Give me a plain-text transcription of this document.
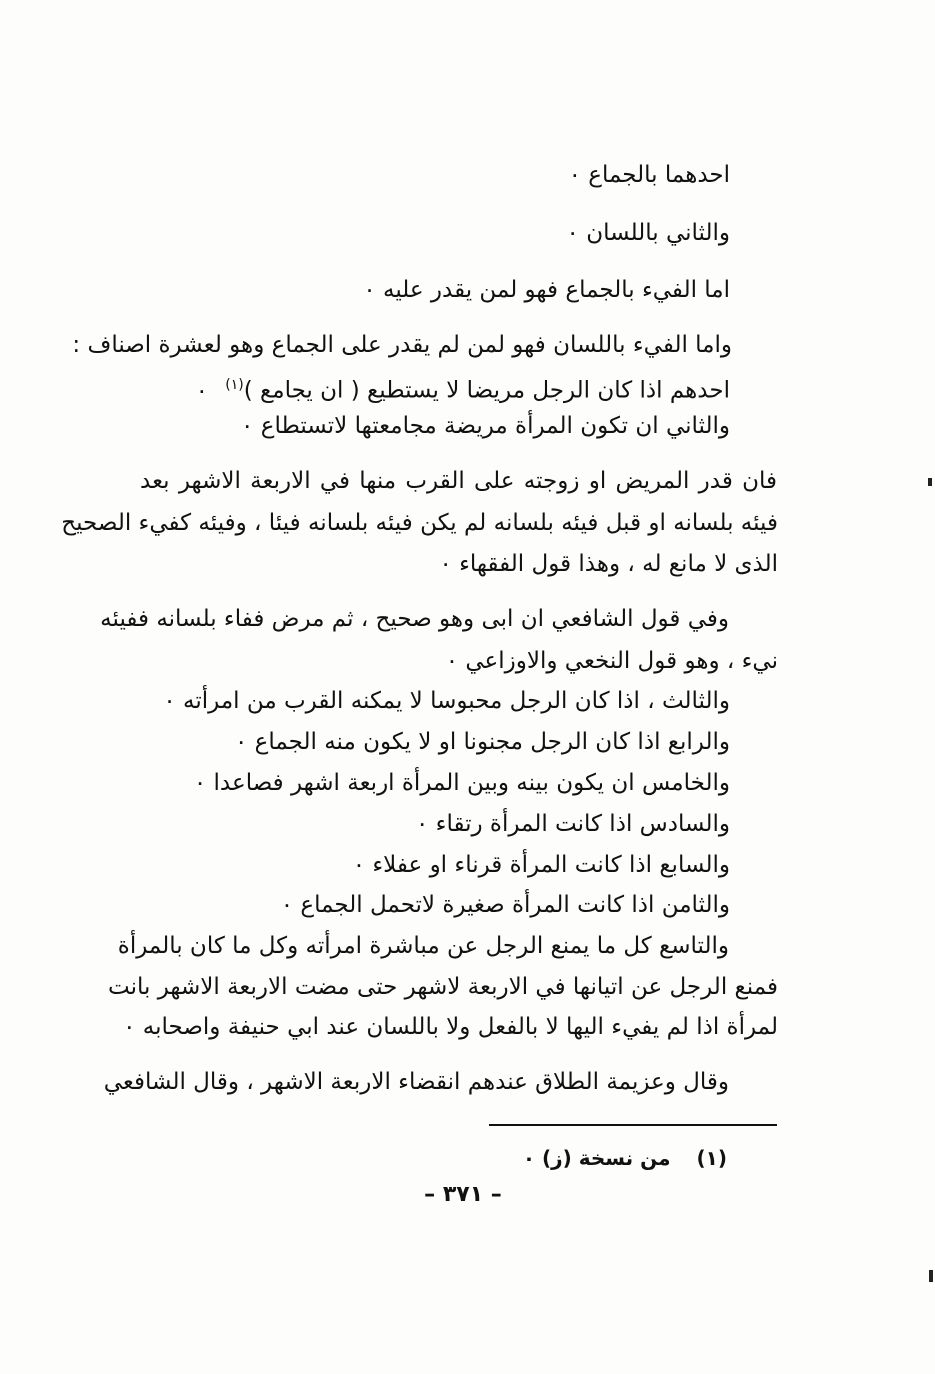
احدهما بالجماع ٠
والثاني باللسان ٠
اما الفيء بالجماع فهو لمن يقدر عليه ٠
واما الفيء باللسان فهو لمن لم يقدر على الجماع وهو لعشرة اصناف :
احدهم اذا كان الرجل مريضا لا يستطيع ( ان يجامع )$^{(١)}$ ٠
والثاني ان تكون المرأة مريضة مجامعتها لاتستطاع ٠
فان قدر المريض او زوجته على القرب منها في الاربعة الاشهر بعد
فيئه بلسانه او قبل فيئه بلسانه لم يكن فيئه بلسانه فيئا ، وفيئه كفيء الصحيح
الذى لا مانع له ، وهذا قول الفقهاء ٠
وفي قول الشافعي ان ابى وهو صحيح ، ثم مرض ففاء بلسانه ففيئه
نيء ، وهو قول النخعي والاوزاعي ٠
والثالث ، اذا كان الرجل محبوسا لا يمكنه القرب من امرأته ٠
والرابع اذا كان الرجل مجنونا او لا يكون منه الجماع ٠
والخامس ان يكون بينه وبين المرأة اربعة اشهر فصاعدا ٠
والسادس اذا كانت المرأة رتقاء ٠
والسابع اذا كانت المرأة قرناء او عفلاء ٠
والثامن اذا كانت المرأة صغيرة لاتحمل الجماع ٠
والتاسع كل ما يمنع الرجل عن مباشرة امرأته وكل ما كان بالمرأة
فمنع الرجل عن اتيانها في الاربعة لاشهر حتى مضت الاربعة الاشهر بانت
لمرأة اذا لم يفيء اليها لا بالفعل ولا باللسان عند ابي حنيفة واصحابه ٠
وقال وعزيمة الطلاق عندهم انقضاء الاربعة الاشهر ، وقال الشافعي
(١)من نسخة (ز) ٠
– ٣٧١ –
